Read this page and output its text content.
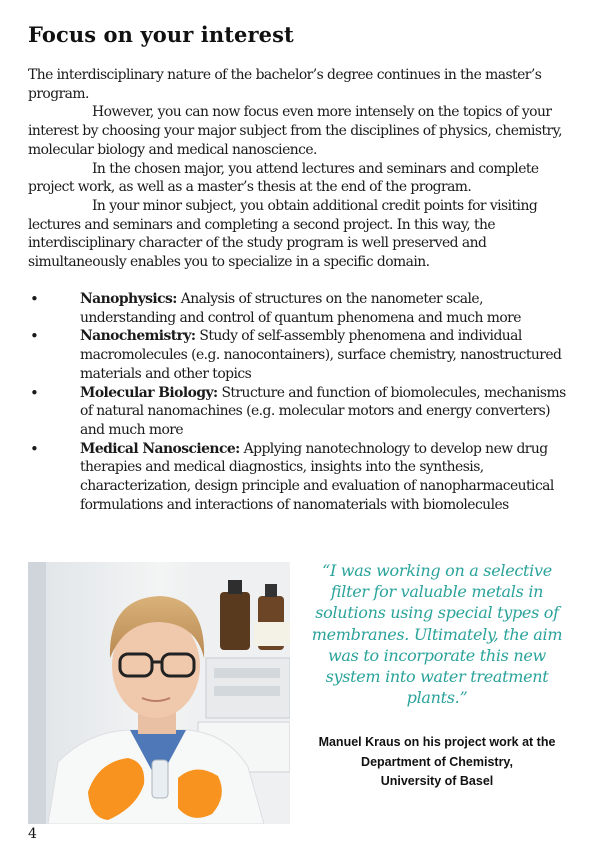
Focus on your interest

The interdisciplinary nature of the bachelor’s degree continues in the master’s program.

However, you can now focus even more intensely on the topics of your interest by choosing your major subject from the disciplines of physics, chemistry, molecular biology and medical nanoscience.

In the chosen major, you attend lectures and seminars and complete project work, as well as a master’s thesis at the end of the program.

In your minor subject, you obtain additional credit points for visiting lectures and seminars and completing a second project. In this way, the interdisciplinary character of the study program is well preserved and simultaneously enables you to specialize in a specific domain.

•	Nanophysics: Analysis of structures on the nanometer scale, understanding and control of quantum phenomena and much more
•	Nanochemistry: Study of self-assembly phenomena and individual macromolecules (e.g. nanocontainers), surface chemistry, nanostructured materials and other topics
•	Molecular Biology: Structure and function of biomolecules, mechanisms of natural nanomachines (e.g. molecular motors and energy converters) and much more
•	Medical Nanoscience: Applying nanotechnology to develop new drug therapies and medical diagnostics, insights into the synthesis, characterization, design principle and evaluation of nanopharmaceutical formulations and interactions of nanomaterials with biomolecules

“I was working on a selective filter for valuable metals in solutions using special types of membranes. Ultimately, the aim was to incorporate this new system into water treatment plants.”

Manuel Kraus on his project work at the
Department of Chemistry,
University of Basel
4
